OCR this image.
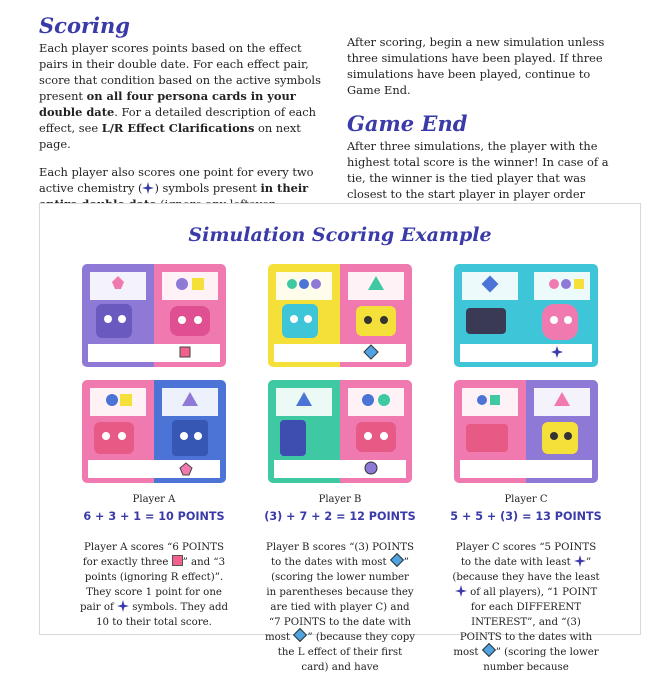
Scoring

Each player scores points based on the effect pairs in their double date. For each effect pair, score that condition based on the active symbols present on all four persona cards in your double date. For a detailed description of each effect, see L/R Effect Clarifications on next page.

Each player also scores one point for every two active chemistry ( ) symbols present in their

After scoring, begin a new simulation unless three simulations have been played. If three simulations have been played, continue to Game End.

Game End

After three simulations, the player with the highest total score is the winner! In case of a tie, the winner is the tied player that was closest to the start player in player order

Simulation Scoring Example
Player A	Player B	Player C
6 + 3 + 1 = 10 POINTS	(3) + 7 + 2 = 12 POINTS	5 + 5 + (3) = 13 POINTS
Player A scores “6 POINTS for exactly three ” and “3 points (ignoring R effect)”. They score 1 point for one pair of  symbols. They add 10 to their total score.
Player B scores “(3) POINTS to the dates with most ” (scoring the lower number in parentheses because they are tied with player C) and “7 POINTS to the date with most ” (because they copy the L effect of their first card) and have
Player C scores “5 POINTS to the date with least ” (because they have the least  of all players), “1 POINT for each DIFFERENT INTEREST”, and “(3) POINTS to the dates with most ” (scoring the lower number because
